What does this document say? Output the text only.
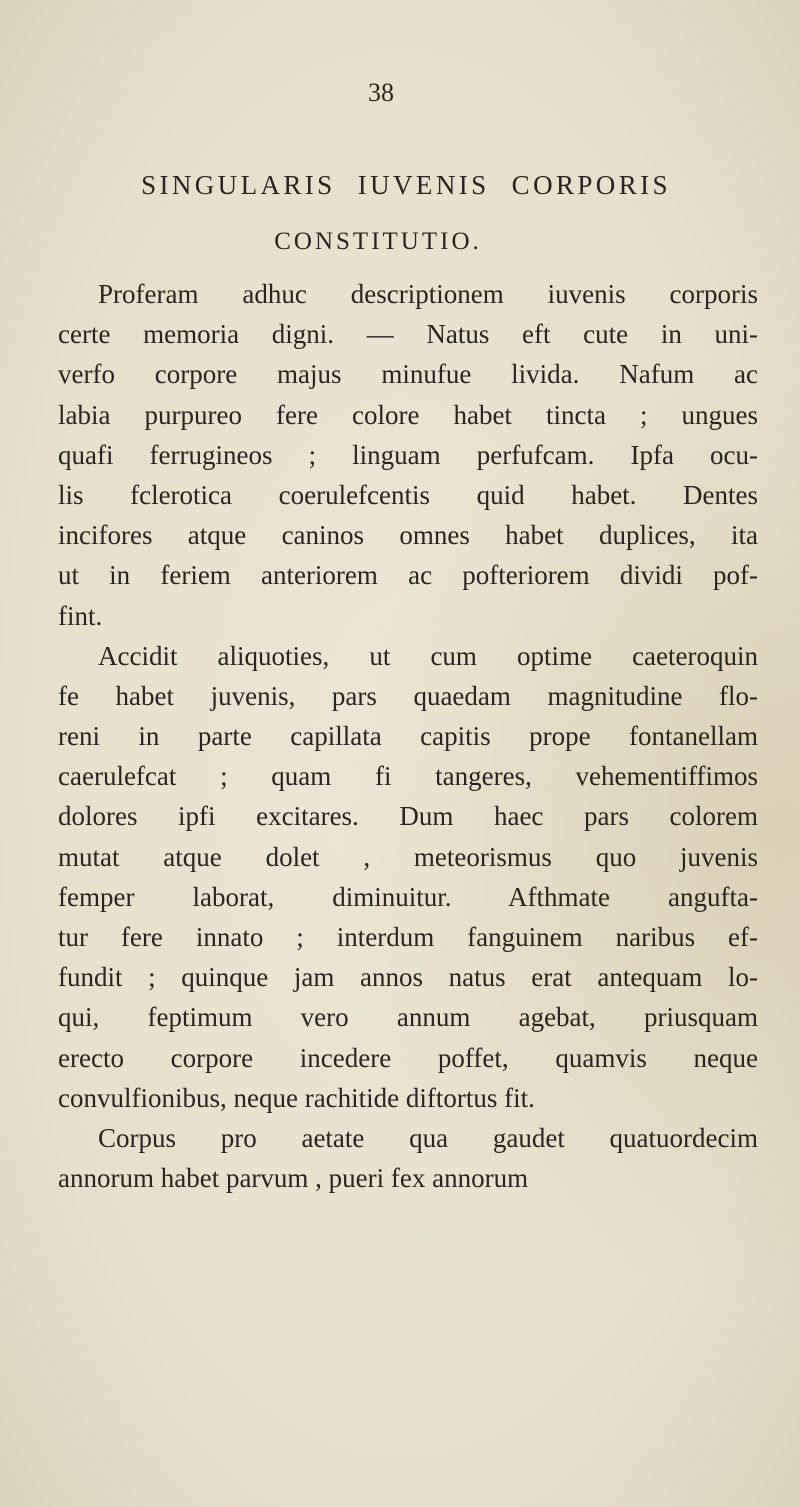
38
SINGULARIS IUVENIS CORPORIS
CONSTITUTIO.
Proferam adhuc descriptionem iuvenis corporis
certe memoria digni. — Natus eft cute in uni-
verfo corpore majus minufue livida. Nafum ac
labia purpureo fere colore habet tincta ; ungues
quafi ferrugineos ; linguam perfufcam. Ipfa ocu-
lis fclerotica coerulefcentis quid habet. Dentes
incifores atque caninos omnes habet duplices, ita
ut in feriem anteriorem ac pofteriorem dividi pof-
fint.
Accidit aliquoties, ut cum optime caeteroquin
fe habet juvenis, pars quaedam magnitudine flo-
reni in parte capillata capitis prope fontanellam
caerulefcat ; quam fi tangeres, vehementiffimos
dolores ipfi excitares. Dum haec pars colorem
mutat atque dolet , meteorismus quo juvenis
femper laborat, diminuitur. Afthmate angufta-
tur fere innato ; interdum fanguinem naribus ef-
fundit ; quinque jam annos natus erat antequam lo-
qui, feptimum vero annum agebat, priusquam
erecto corpore incedere poffet, quamvis neque
convulfionibus, neque rachitide diftortus fit.
Corpus pro aetate qua gaudet quatuordecim
annorum habet parvum , pueri fex annorum
